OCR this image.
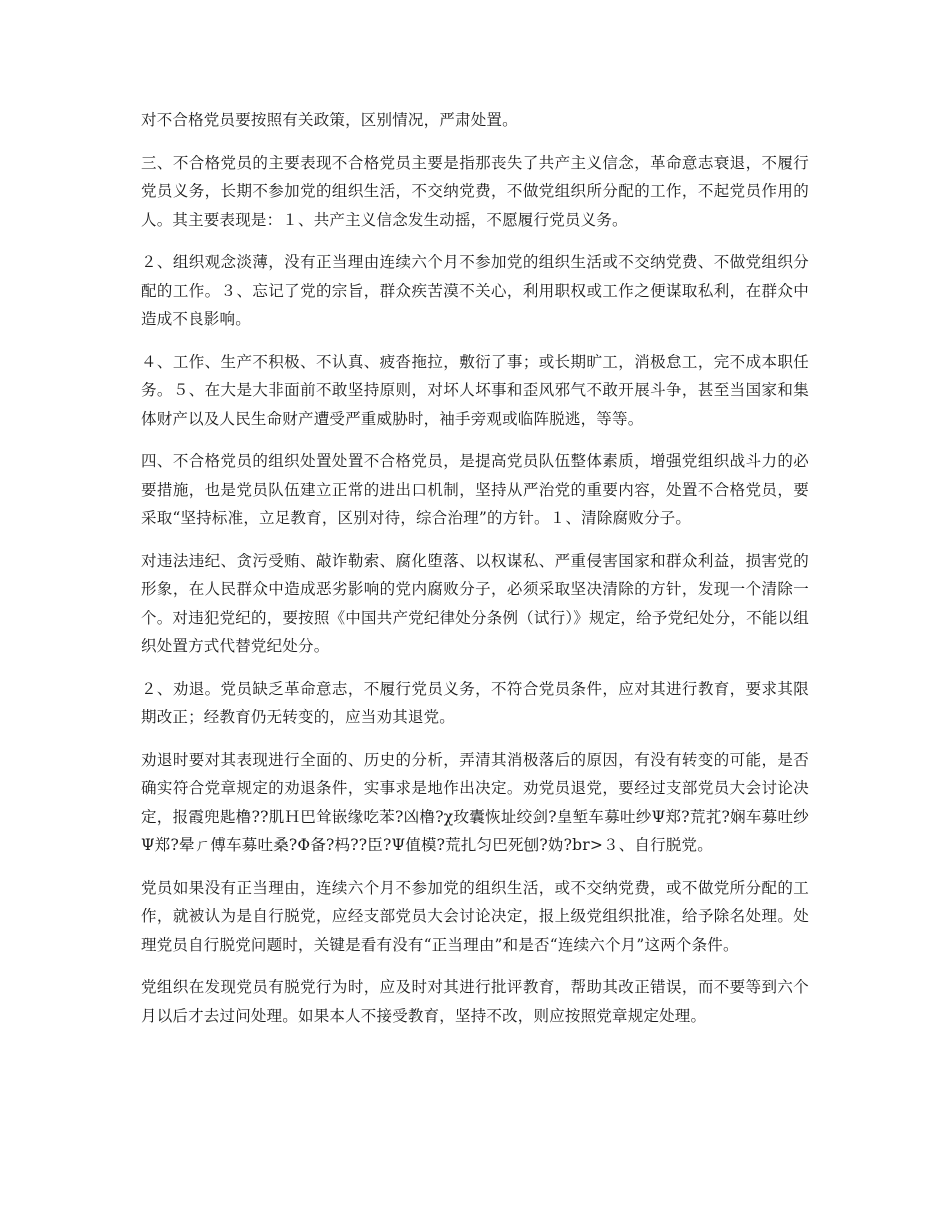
对不合格党员要按照有关政策，区别情况，严肃处置。

三、不合格党员的主要表现不合格党员主要是指那丧失了共产主义信念，革命意志衰退，不履行党员义务，长期不参加党的组织生活，不交纳党费，不做党组织所分配的工作，不起党员作用的人。其主要表现是：１、共产主义信念发生动摇，不愿履行党员义务。

２、组织观念淡薄，没有正当理由连续六个月不参加党的组织生活或不交纳党费、不做党组织分配的工作。３、忘记了党的宗旨，群众疾苦漠不关心，利用职权或工作之便谋取私利，在群众中造成不良影响。

４、工作、生产不积极、不认真、疲沓拖拉，敷衍了事；或长期旷工，消极怠工，完不成本职任务。５、在大是大非面前不敢坚持原则，对坏人坏事和歪风邪气不敢开展斗争，甚至当国家和集体财产以及人民生命财产遭受严重威胁时，袖手旁观或临阵脱逃，等等。

四、不合格党员的组织处置处置不合格党员，是提高党员队伍整体素质，增强党组织战斗力的必要措施，也是党员队伍建立正常的进出口机制，坚持从严治党的重要内容，处置不合格党员，要采取“坚持标准，立足教育，区别对待，综合治理”的方针。１、清除腐败分子。

对违法违纪、贪污受贿、敲诈勒索、腐化堕落、以权谋私、严重侵害国家和群众利益，损害党的形象，在人民群众中造成恶劣影响的党内腐败分子，必须采取坚决清除的方针，发现一个清除一个。对违犯党纪的，要按照《中国共产党纪律处分条例（试行）》规定，给予党纪处分，不能以组织处置方式代替党纪处分。

２、劝退。党员缺乏革命意志，不履行党员义务，不符合党员条件，应对其进行教育，要求其限期改正；经教育仍无转变的，应当劝其退党。

劝退时要对其表现进行全面的、历史的分析，弄清其消极落后的原因，有没有转变的可能，是否确实符合党章规定的劝退条件，实事求是地作出决定。劝党员退党，要经过支部党员大会讨论决定，报霞兜匙橹??肌Ｈ巴耸嵌缘吃苯?凶橹?χ玫囊恢址绞剑?皇堑车募吐纱Ψ郑?荒芤?娴车募吐纱Ψ郑?晕ㄏ傅车募吐桑?Φ备?杩??臣?Ψ值模?荒扎匀巴死刨?妫?br>３、自行脱党。

党员如果没有正当理由，连续六个月不参加党的组织生活，或不交纳党费，或不做党所分配的工作，就被认为是自行脱党，应经支部党员大会讨论决定，报上级党组织批准，给予除名处理。处理党员自行脱党问题时，关键是看有没有“正当理由”和是否“连续六个月”这两个条件。

党组织在发现党员有脱党行为时，应及时对其进行批评教育，帮助其改正错误，而不要等到六个月以后才去过问处理。如果本人不接受教育，坚持不改，则应按照党章规定处理。
